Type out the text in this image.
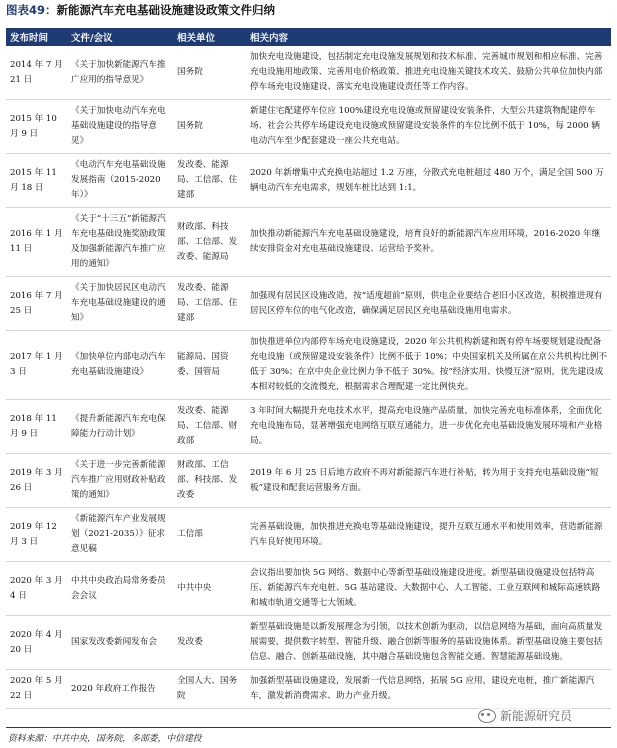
图表49：新能源汽车充电基础设施建设政策文件归纳
发布时间	文件/会议	相关单位	相关内容
2014 年 7 月 21 日	《关于加快新能源汽车推广应用的指导意见》	国务院	加快充电设施建设，包括制定充电设施发展规划和技术标准、完善城市规划和相应标准、完善充电设施用地政策、完善用电价格政策、推进充电设施关键技术攻关、鼓励公共单位加快内部停车场充电设施建设、落实充电设施建设责任等工作内容。
2015 年 10 月 9 日	《关于加快电动汽车充电基础设施建设的指导意见》	国务院	新建住宅配建停车位应 100%建设充电设施或预留建设安装条件，大型公共建筑物配建停车场、社会公共停车场建设充电设施或预留建设安装条件的车位比例不低于 10%，每 2000 辆电动汽车至少配套建设一座公共充电站。
2015 年 11 月 18 日	《电动汽车充电基础设施发展指南（2015-2020 年）》	发改委、能源局、工信部、住建部	2020 年新增集中式充换电站超过 1.2 万座，分散式充电桩超过 480 万个，满足全国 500 万辆电动汽车充电需求，规划车桩比达到 1:1。
2016 年 1 月 11 日	《关于“十三五”新能源汽车充电基础设施奖励政策及加强新能源汽车推广应用的通知》	财政部、科技部、工信部、发改委、能源局	加快推动新能源汽车充电基础设施建设，培育良好的新能源汽车应用环境，2016-2020 年继续安排资金对充电基础设施建设、运营给予奖补。
2016 年 7 月 25 日	《关于加快居民区电动汽车充电基础设施建设的通知》	发改委、能源局、工信部、住建部	加强现有居民区设施改造，按“适度超前”原则，供电企业要结合老旧小区改造，积极推进现有居民区停车位的电气化改造，确保满足居民区充电基础设施用电需求。
2017 年 1 月 3 日	《加快单位内部电动汽车充电基础设施建设》	能源局、国资委、国管局	加快推进单位内部停车场充电设施建设，2020 年公共机构新建和既有停车场要规划建设配备充电设施（或预留建设安装条件）比例不低于 10%；中央国家机关及所属在京公共机构比例不低于 30%；在京中央企业比例力争不低于 30%。按“经济实用、快慢互济”原则，优先建设成本相对较低的交流慢充，根据需求合理配建一定比例快充。
2018 年 11 月 9 日	《提升新能源汽车充电保障能力行动计划》	发改委、能源局、工信部、财政部	3 年时间大幅提升充电技术水平，提高充电设施产品质量，加快完善充电标准体系，全面优化充电设施布局，显著增强充电网络互联互通能力，进一步优化充电基础设施发展环境和产业格局。
2019 年 3 月 26 日	《关于进一步完善新能源汽车推广应用财政补贴政策的通知》	财政部、工信部、科技部、发改委	2019 年 6 月 25 日后地方政府不再对新能源汽车进行补贴，转为用于支持充电基础设施“短板”建设和配套运营服务方面。
2019 年 12 月 3 日	《新能源汽车产业发展规划（2021-2035）》征求意见稿	工信部	完善基础设施，加快推进充换电等基础设施建设，提升互联互通水平和使用效率，营造新能源汽车良好使用环境。
2020 年 3 月 4 日	中共中央政治局常务委员会会议	中共中央	会议指出要加快 5G 网络、数据中心等新型基础设施建设进度。新型基础设施建设包括特高压、新能源汽车充电桩、5G 基站建设、大数据中心、人工智能、工业互联网和城际高速铁路和城市轨道交通等七大领域。
2020 年 4 月 20 日	国家发改委新闻发布会	发改委	新型基础设施是以新发展理念为引领，以技术创新为驱动，以信息网络为基础，面向高质量发展需要，提供数字转型、智能升级、融合创新等服务的基础设施体系。新型基础设施主要包括信息、融合、创新基础设施，其中融合基础设施包含智能交通、智慧能源基础设施。
2020 年 5 月 22 日	2020 年政府工作报告	全国人大、国务院	加强新型基础设施建设，发展新一代信息网络，拓展 5G 应用，建设充电桩，推广新能源汽车，激发新消费需求、助力产业升级。
新能源研究员
资料来源：中共中央，国务院，多部委，中信建投
